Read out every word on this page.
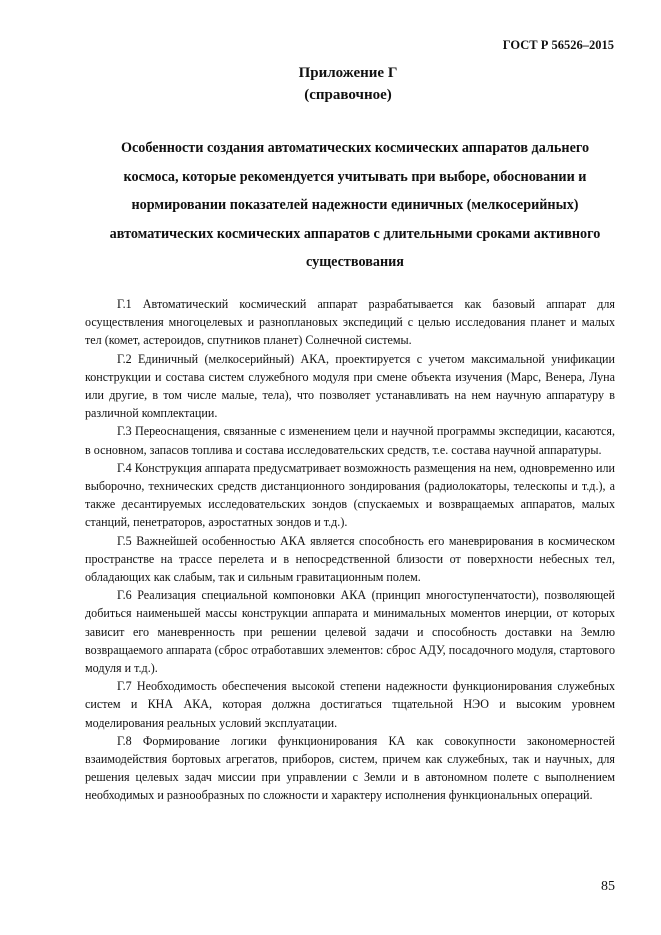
ГОСТ Р 56526–2015
Приложение Г
(справочное)
Особенности создания автоматических космических аппаратов дальнего космоса, которые рекомендуется учитывать при выборе, обосновании и нормировании показателей надежности единичных (мелкосерийных) автоматических космических аппаратов с длительными сроками активного существования

Г.1 Автоматический космический аппарат разрабатывается как базовый аппарат для осуществления многоцелевых и разноплановых экспедиций с целью исследования планет и малых тел (комет, астероидов, спутников планет) Солнечной системы.

Г.2 Единичный (мелкосерийный) АКА, проектируется с учетом максимальной унификации конструкции и состава систем служебного модуля при смене объекта изучения (Марс, Венера, Луна или другие, в том числе малые, тела), что позволяет устанавливать на нем научную аппаратуру в различной комплектации.

Г.3 Переоснащения, связанные с изменением цели и научной программы экспедиции, касаются, в основном, запасов топлива и состава исследовательских средств, т.е. состава научной аппаратуры.

Г.4 Конструкция аппарата предусматривает возможность размещения на нем, одновременно или выборочно, технических средств дистанционного зондирования (радиолокаторы, телескопы и т.д.), а также десантируемых исследовательских зондов (спускаемых и возвращаемых аппаратов, малых станций, пенетраторов, аэростатных зондов и т.д.).

Г.5 Важнейшей особенностью АКА является способность его маневрирования в космическом пространстве на трассе перелета и в непосредственной близости от поверхности небесных тел, обладающих как слабым, так и сильным гравитационным полем.

Г.6 Реализация специальной компоновки АКА (принцип многоступенчатости), позволяющей добиться наименьшей массы конструкции аппарата и минимальных моментов инерции, от которых зависит его маневренность при решении целевой задачи и способность доставки на Землю возвращаемого аппарата (сброс отработавших элементов: сброс АДУ, посадочного модуля, стартового модуля и т.д.).

Г.7 Необходимость обеспечения высокой степени надежности функционирования служебных систем и КНА АКА, которая должна достигаться тщательной НЭО и высоким уровнем моделирования реальных условий эксплуатации.

Г.8 Формирование логики функционирования КА как совокупности закономерностей взаимодействия бортовых агрегатов, приборов, систем, причем как служебных, так и научных, для решения целевых задач миссии при управлении с Земли и в автономном полете с выполнением необходимых и разнообразных по сложности и характеру исполнения функциональных операций.

85
